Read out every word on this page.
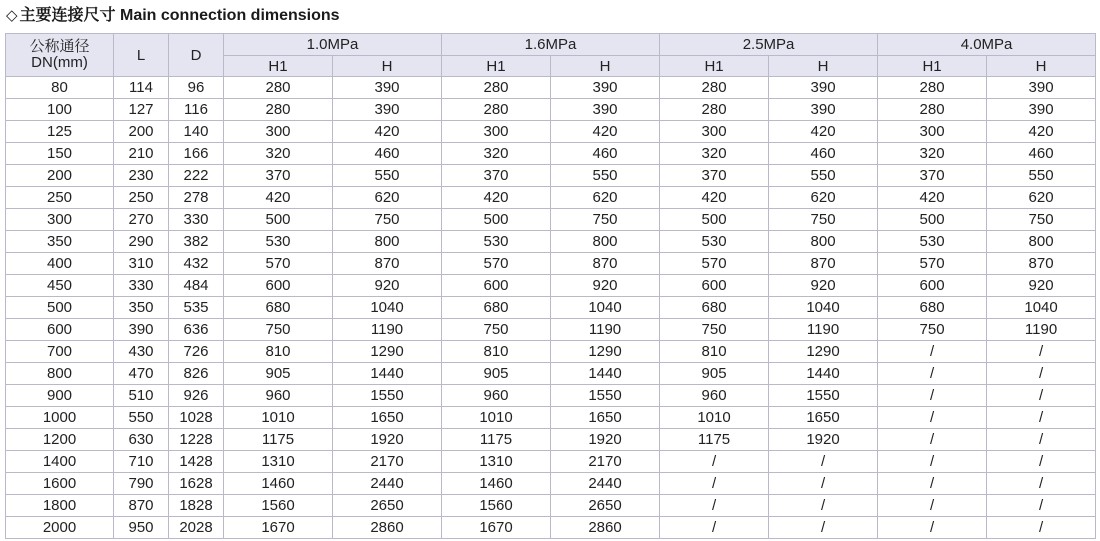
◇ 主要连接尺寸 Main connection dimensions
公称通径
DN(mm)	L	D	1.0MPa		1.6MPa		2.5MPa		4.0MPa	
			H1	H	H1	H	H1	H	H1	H
80	114	96	280	390	280	390	280	390	280	390
100	127	116	280	390	280	390	280	390	280	390
125	200	140	300	420	300	420	300	420	300	420
150	210	166	320	460	320	460	320	460	320	460
200	230	222	370	550	370	550	370	550	370	550
250	250	278	420	620	420	620	420	620	420	620
300	270	330	500	750	500	750	500	750	500	750
350	290	382	530	800	530	800	530	800	530	800
400	310	432	570	870	570	870	570	870	570	870
450	330	484	600	920	600	920	600	920	600	920
500	350	535	680	1040	680	1040	680	1040	680	1040
600	390	636	750	1190	750	1190	750	1190	750	1190
700	430	726	810	1290	810	1290	810	1290	/	/
800	470	826	905	1440	905	1440	905	1440	/	/
900	510	926	960	1550	960	1550	960	1550	/	/
1000	550	1028	1010	1650	1010	1650	1010	1650	/	/
1200	630	1228	1175	1920	1175	1920	1175	1920	/	/
1400	710	1428	1310	2170	1310	2170	/	/	/	/
1600	790	1628	1460	2440	1460	2440	/	/	/	/
1800	870	1828	1560	2650	1560	2650	/	/	/	/
2000	950	2028	1670	2860	1670	2860	/	/	/	/
